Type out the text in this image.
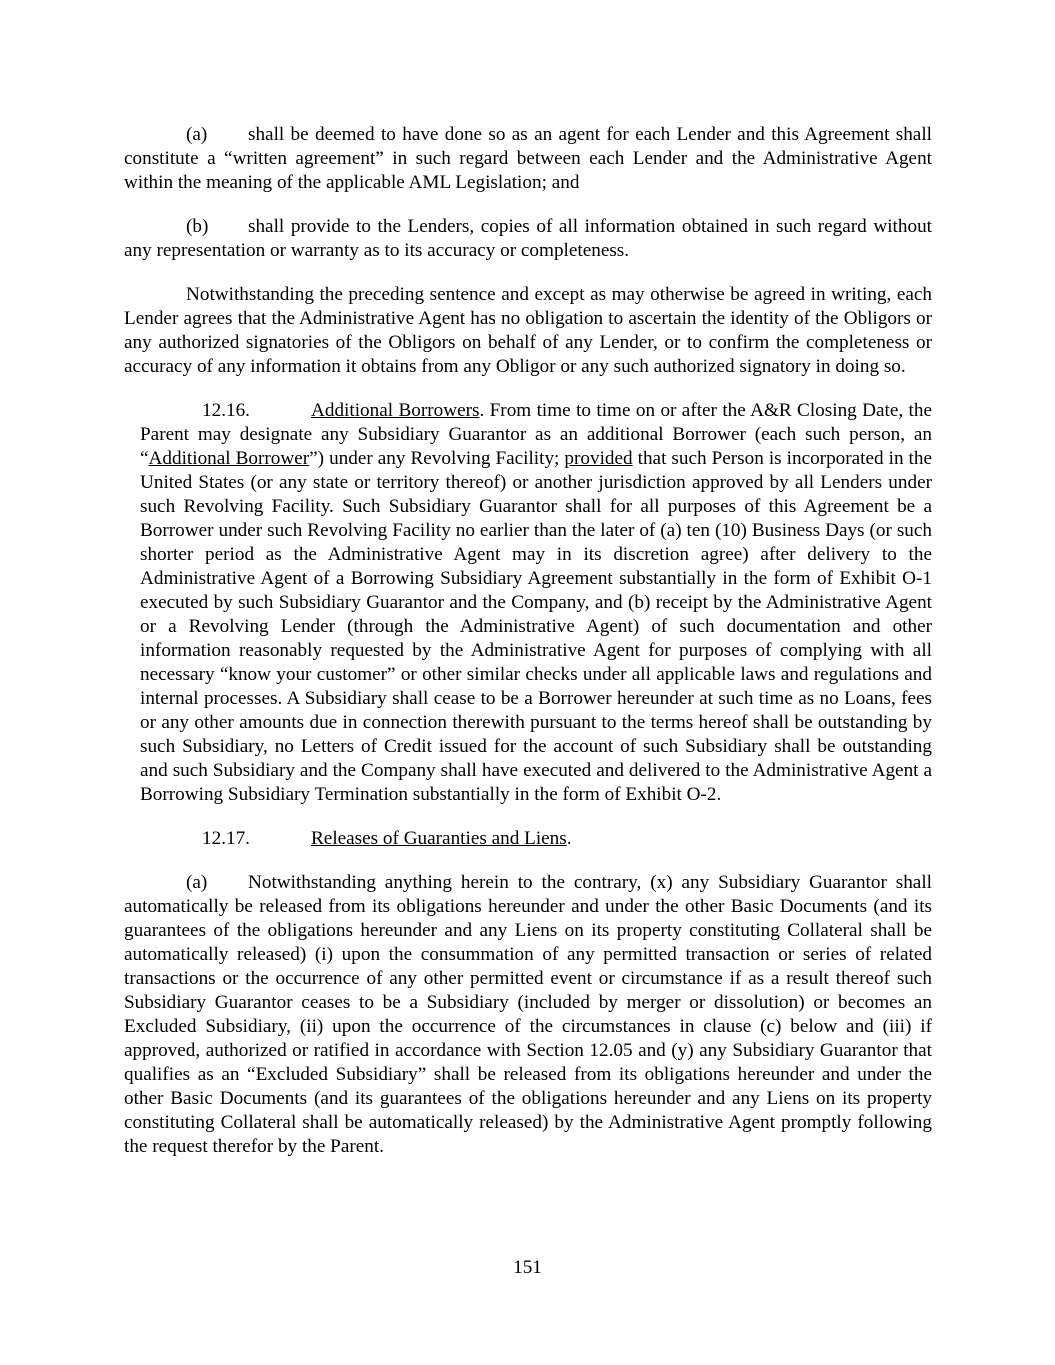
(a) shall be deemed to have done so as an agent for each Lender and this Agreement shall constitute a “written agreement” in such regard between each Lender and the Administrative Agent within the meaning of the applicable AML Legislation; and

(b) shall provide to the Lenders, copies of all information obtained in such regard without any representation or warranty as to its accuracy or completeness.

Notwithstanding the preceding sentence and except as may otherwise be agreed in writing, each Lender agrees that the Administrative Agent has no obligation to ascertain the identity of the Obligors or any authorized signatories of the Obligors on behalf of any Lender, or to confirm the completeness or accuracy of any information it obtains from any Obligor or any such authorized signatory in doing so.

12.16.	Additional Borrowers. From time to time on or after the A&R Closing Date, the Parent may designate any Subsidiary Guarantor as an additional Borrower (each such person, an “Additional Borrower”) under any Revolving Facility; provided that such Person is incorporated in the United States (or any state or territory thereof) or another jurisdiction approved by all Lenders under such Revolving Facility. Such Subsidiary Guarantor shall for all purposes of this Agreement be a Borrower under such Revolving Facility no earlier than the later of (a) ten (10) Business Days (or such shorter period as the Administrative Agent may in its discretion agree) after delivery to the Administrative Agent of a Borrowing Subsidiary Agreement substantially in the form of Exhibit O-1 executed by such Subsidiary Guarantor and the Company, and (b) receipt by the Administrative Agent or a Revolving Lender (through the Administrative Agent) of such documentation and other information reasonably requested by the Administrative Agent for purposes of complying with all necessary “know your customer” or other similar checks under all applicable laws and regulations and internal processes. A Subsidiary shall cease to be a Borrower hereunder at such time as no Loans, fees or any other amounts due in connection therewith pursuant to the terms hereof shall be outstanding by such Subsidiary, no Letters of Credit issued for the account of such Subsidiary shall be outstanding and such Subsidiary and the Company shall have executed and delivered to the Administrative Agent a Borrowing Subsidiary Termination substantially in the form of Exhibit O-2.

12.17.	Releases of Guaranties and Liens.

(a) Notwithstanding anything herein to the contrary, (x) any Subsidiary Guarantor shall automatically be released from its obligations hereunder and under the other Basic Documents (and its guarantees of the obligations hereunder and any Liens on its property constituting Collateral shall be automatically released) (i) upon the consummation of any permitted transaction or series of related transactions or the occurrence of any other permitted event or circumstance if as a result thereof such Subsidiary Guarantor ceases to be a Subsidiary (included by merger or dissolution) or becomes an Excluded Subsidiary, (ii) upon the occurrence of the circumstances in clause (c) below and (iii) if approved, authorized or ratified in accordance with Section 12.05 and (y) any Subsidiary Guarantor that qualifies as an “Excluded Subsidiary” shall be released from its obligations hereunder and under the other Basic Documents (and its guarantees of the obligations hereunder and any Liens on its property constituting Collateral shall be automatically released) by the Administrative Agent promptly following the request therefor by the Parent.

151
